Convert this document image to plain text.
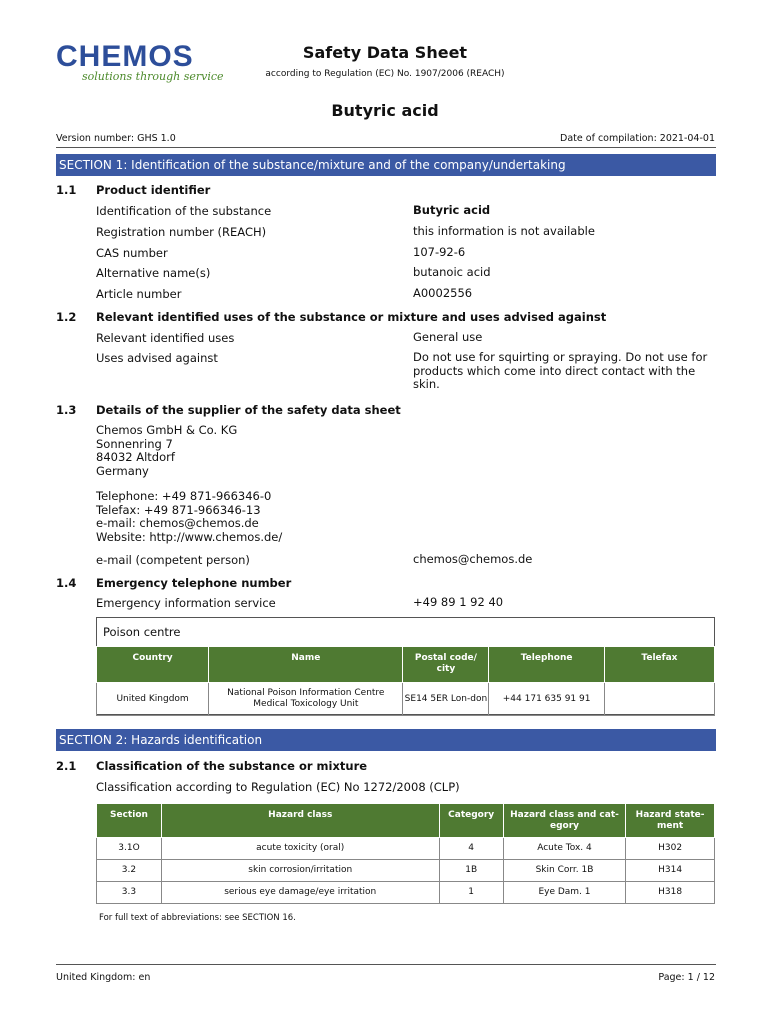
CHEMOS
solutions through service
Safety Data Sheet
according to Regulation (EC) No. 1907/2006 (REACH)
Butyric acid
Version number: GHS 1.0	Date of compilation: 2021-04-01
SECTION 1: Identification of the substance/mixture and of the company/undertaking
1.1 Product identifier
Identification of the substance	Butyric acid
Registration number (REACH)	this information is not available
CAS number	107-92-6
Alternative name(s)	butanoic acid
Article number	A0002556
1.2 Relevant identified uses of the substance or mixture and uses advised against
Relevant identified uses	General use
Uses advised against	Do not use for squirting or spraying. Do not use for products which come into direct contact with the skin.
1.3 Details of the supplier of the safety data sheet
Chemos GmbH & Co. KG
Sonnenring 7
84032 Altdorf
Germany
Telephone: +49 871-966346-0
Telefax: +49 871-966346-13
e-mail: chemos@chemos.de
Website: http://www.chemos.de/
e-mail (competent person)	chemos@chemos.de
1.4 Emergency telephone number
Emergency information service	+49 89 1 92 40
Poison centre
Country	Name	Postal code/ city	Telephone	Telefax
United Kingdom	National Poison Information Centre Medical Toxicology Unit	SE14 5ER Lon-don	+44 171 635 91 91	
SECTION 2: Hazards identification
2.1 Classification of the substance or mixture
Classification according to Regulation (EC) No 1272/2008 (CLP)
Section	Hazard class	Category	Hazard class and cat-egory	Hazard state-ment
3.1O	acute toxicity (oral)	4	Acute Tox. 4	H302
3.2	skin corrosion/irritation	1B	Skin Corr. 1B	H314
3.3	serious eye damage/eye irritation	1	Eye Dam. 1	H318
For full text of abbreviations: see SECTION 16.
United Kingdom: en	Page: 1 / 12
